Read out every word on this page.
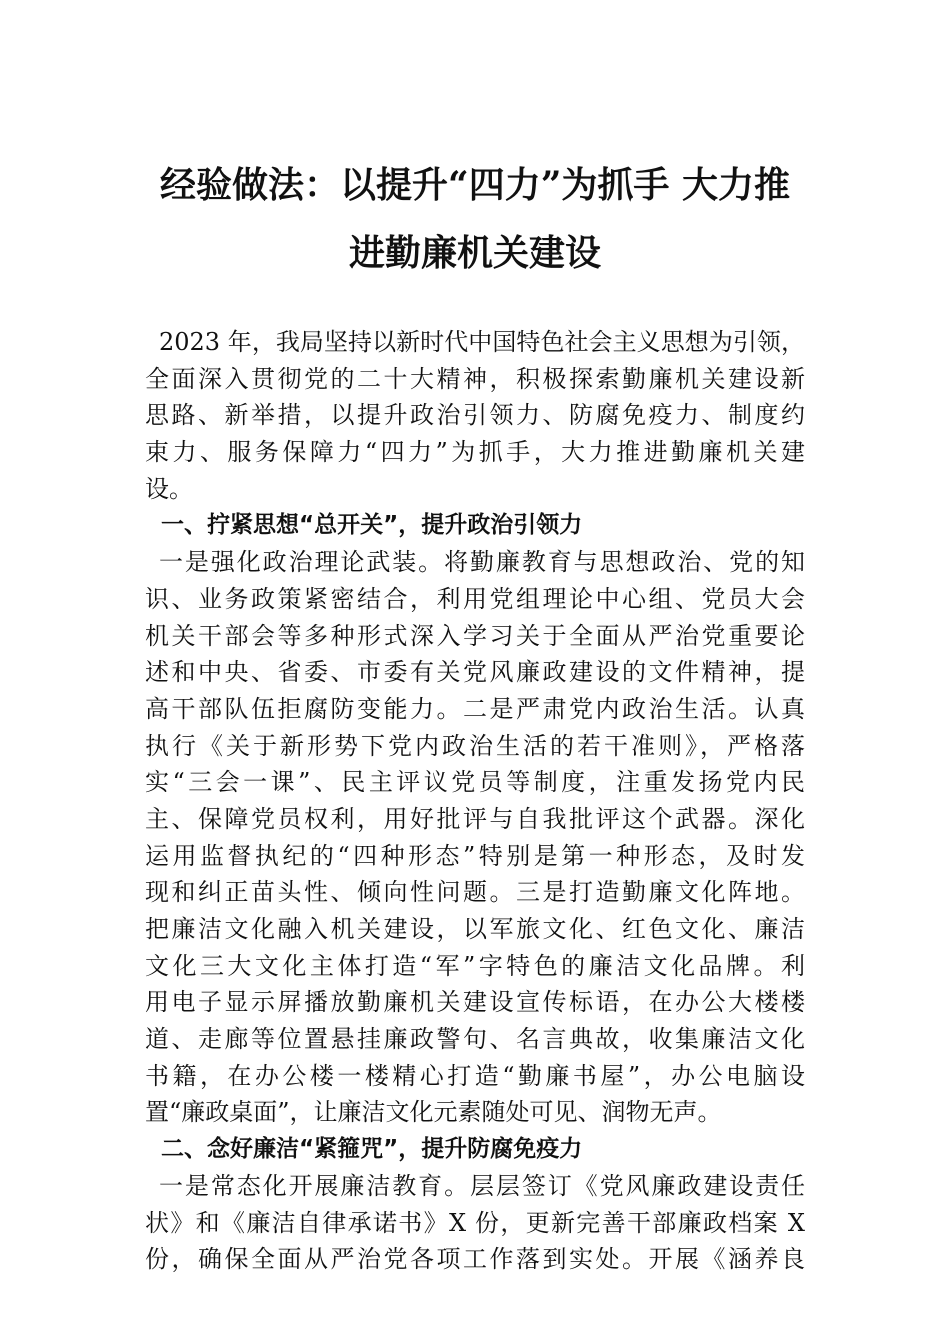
经验做法：以提升“四力”为抓手 大力推
进勤廉机关建设
2023 年，我局坚持以新时代中国特色社会主义思想为引领，
全面深入贯彻党的二十大精神，积极探索勤廉机关建设新
思路、新举措，以提升政治引领力、防腐免疫力、制度约
束力、服务保障力“四力”为抓手，大力推进勤廉机关建
设。
一、拧紧思想“总开关”，提升政治引领力
一是强化政治理论武装。将勤廉教育与思想政治、党的知
识、业务政策紧密结合，利用党组理论中心组、党员大会
机关干部会等多种形式深入学习关于全面从严治党重要论
述和中央、省委、市委有关党风廉政建设的文件精神，提
高干部队伍拒腐防变能力。二是严肃党内政治生活。认真
执行《关于新形势下党内政治生活的若干准则》，严格落
实“三会一课”、民主评议党员等制度，注重发扬党内民
主、保障党员权利，用好批评与自我批评这个武器。深化
运用监督执纪的“四种形态”特别是第一种形态，及时发
现和纠正苗头性、倾向性问题。三是打造勤廉文化阵地。
把廉洁文化融入机关建设，以军旅文化、红色文化、廉洁
文化三大文化主体打造“军”字特色的廉洁文化品牌。利
用电子显示屏播放勤廉机关建设宣传标语，在办公大楼楼
道、走廊等位置悬挂廉政警句、名言典故，收集廉洁文化
书籍，在办公楼一楼精心打造“勤廉书屋”，办公电脑设
置“廉政桌面”，让廉洁文化元素随处可见、润物无声。
二、念好廉洁“紧箍咒”，提升防腐免疫力
一是常态化开展廉洁教育。层层签订《党风廉政建设责任
状》和《廉洁自律承诺书》X 份，更新完善干部廉政档案 X
份，确保全面从严治党各项工作落到实处。开展《涵养良
